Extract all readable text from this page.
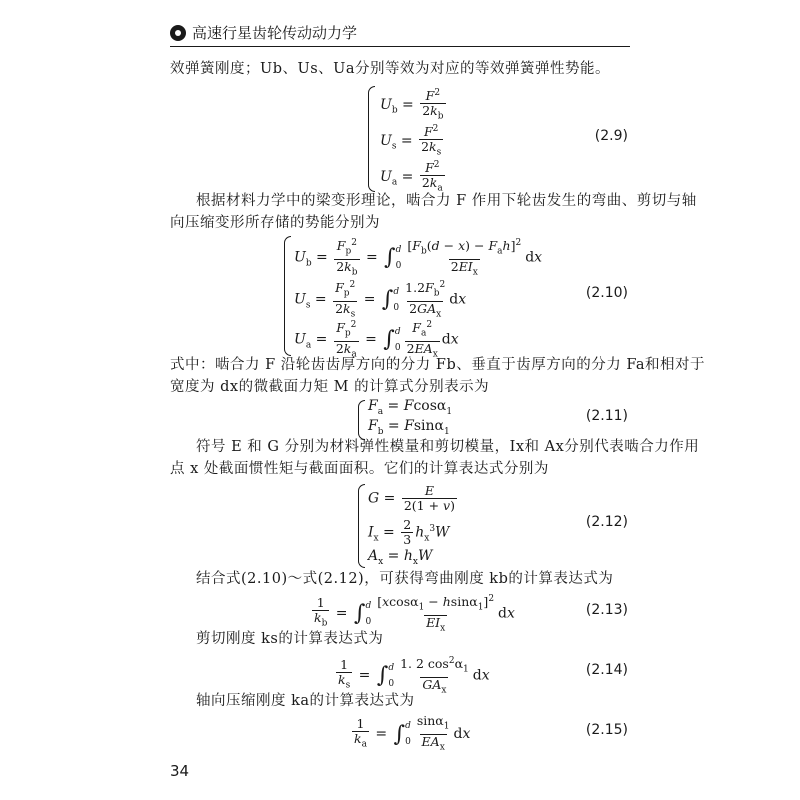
高速行星齿轮传动动力学
效弹簧刚度；Ub、Us、Ua分别等效为对应的等效弹簧弹性势能。
$U_b = \frac{F^2}{2k_b}$
$U_s = \frac{F^2}{2k_s}$
$U_a = \frac{F^2}{2k_a}$
(2.9)
根据材料力学中的梁变形理论，啮合力 F 作用下轮齿发生的弯曲、剪切与轴
向压缩变形所存储的势能分别为
$U_b = \frac{F_p^2}{2k_b}$ = ∫ d
$0 \frac{[F_b(d - x) - F_ah]^2}{2EI_x}$ dx
$U_s = \frac{F_p^2}{2k_s}$ = ∫ d
$0 \frac{1.2F_b^2}{2GA_x}$ dx
$U_a = \frac{F_p^2}{2k_a}$ = ∫ d
$0 \frac{F_a^2}{2EA_x}$ dx
(2.10)
式中：啮合力 F 沿轮齿齿厚方向的分力 Fb、垂直于齿厚方向的分力 Fa和相对于
宽度为 dx的微截面力矩 M 的计算式分别表示为
$F_a = Fcos\alpha_1$
$F_b = Fsin\alpha_1$
(2.11)
符号 E 和 G 分别为材料弹性模量和剪切模量，Ix和 Ax分别代表啮合力作用
点 x 处截面惯性矩与截面面积。它们的计算表达式分别为
$G = \frac{E}{2(1 + v)}$
$I_x = \frac{2}{3} h_x^3W$
$A_x = h_xW$
(2.12)
结合式(2.10)～式(2.12)，可获得弯曲刚度 kb的计算表达式为
$\frac{1}{k_b}$ = ∫ d
$0 \frac{[xcos\alpha_1 - hsin\alpha_1]^2}{EI_x}$ dx	(2.13)
剪切刚度 ks的计算表达式为
$\frac{1}{k_s}$ = ∫ d
$0 \frac{1. 2 \cos^2\alpha_1}{GA_x}$ dx	(2.14)
轴向压缩刚度 ka的计算表达式为
$\frac{1}{k_a}$ = ∫ d
$0 \frac{\sin\alpha_1}{EA_x}$ dx	(2.15)
34
